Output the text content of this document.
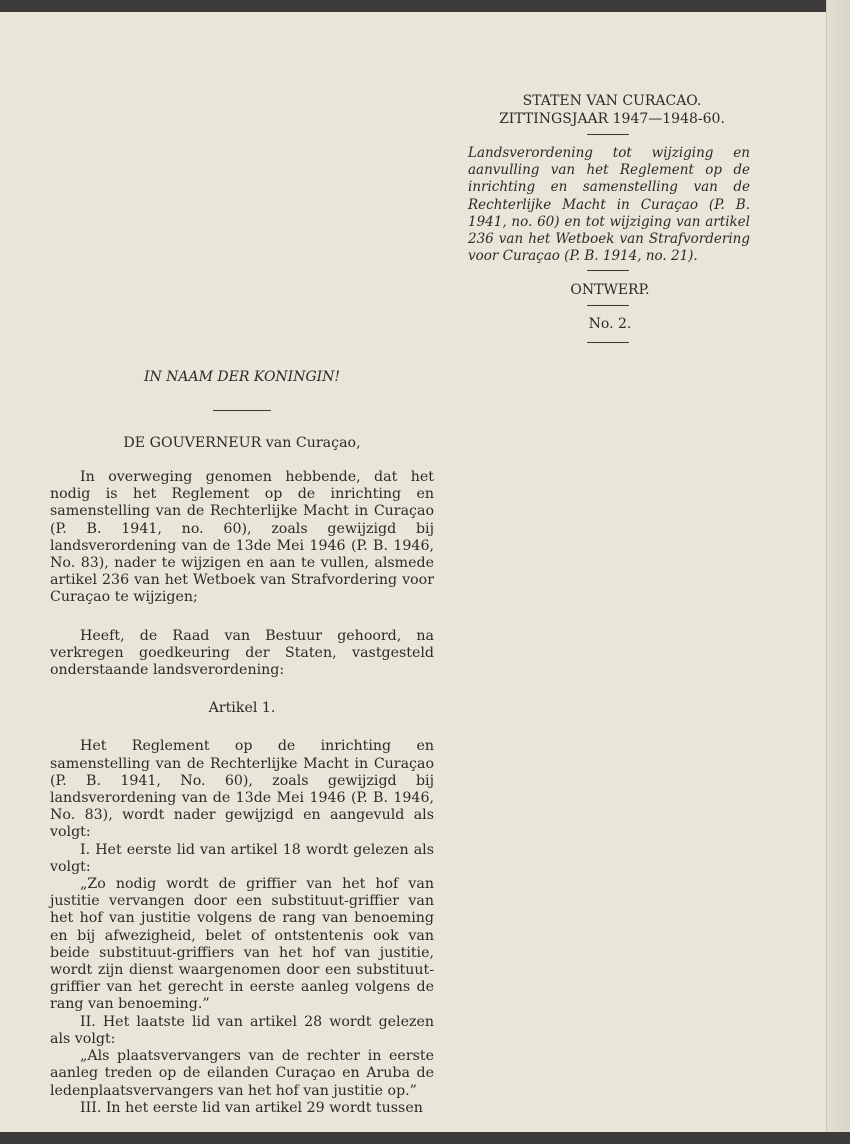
STATEN VAN CURACAO.
ZITTINGSJAAR 1947—1948-60.
Landsverordening tot wijziging en aanvulling van het Reglement op de inrichting en samenstelling van de Rechterlijke Macht in Curaçao (P. B. 1941, no. 60) en tot wijziging van artikel 236 van het Wetboek van Strafvordering voor Curaçao (P. B. 1914, no. 21).
ONTWERP.
No. 2.
IN NAAM DER KONINGIN!
DE GOUVERNEUR van Curaçao,

In overweging genomen hebbende, dat het nodig is het Reglement op de inrichting en samenstelling van de Rechterlijke Macht in Curaçao (P. B. 1941, no. 60), zoals gewijzigd bij landsverordening van de 13de Mei 1946 (P. B. 1946, No. 83), nader te wijzigen en aan te vullen, alsmede artikel 236 van het Wetboek van Strafvordering voor Curaçao te wijzigen;

Heeft, de Raad van Bestuur gehoord, na verkregen goedkeuring der Staten, vastgesteld onderstaande landsverordening:

Artikel 1.

Het Reglement op de inrichting en samenstelling van de Rechterlijke Macht in Curaçao (P. B. 1941, No. 60), zoals gewijzigd bij landsverordening van de 13de Mei 1946 (P. B. 1946, No. 83), wordt nader gewijzigd en aangevuld als volgt:

I. Het eerste lid van artikel 18 wordt gelezen als volgt:

„Zo nodig wordt de griffier van het hof van justitie vervangen door een substituut-griffier van het hof van justitie volgens de rang van benoeming en bij afwezigheid, belet of ontstentenis ook van beide substituut-griffiers van het hof van justitie, wordt zijn dienst waargenomen door een substituut-griffier van het gerecht in eerste aanleg volgens de rang van benoeming.”

II. Het laatste lid van artikel 28 wordt gelezen als volgt:

„Als plaatsvervangers van de rechter in eerste aanleg treden op de eilanden Curaçao en Aruba de ledenplaatsvervangers van het hof van justitie op.”

III. In het eerste lid van artikel 29 wordt tussen
